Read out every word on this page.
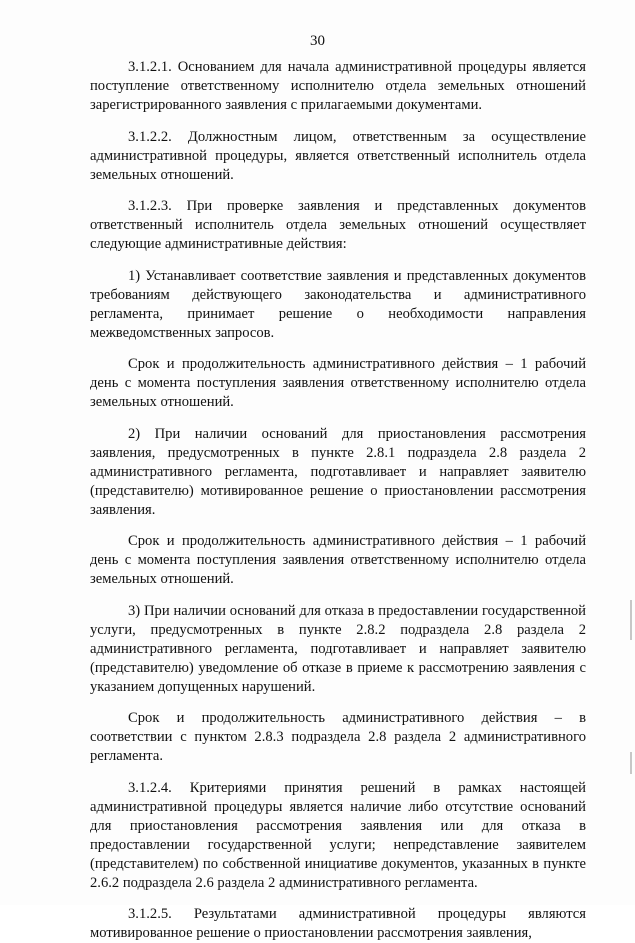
30

3.1.2.1. Основанием для начала административной процедуры является поступление ответственному исполнителю отдела земельных отношений зарегистрированного заявления с прилагаемыми документами.

3.1.2.2. Должностным лицом, ответственным за осуществление административной процедуры, является ответственный исполнитель отдела земельных отношений.

3.1.2.3. При проверке заявления и представленных документов ответственный исполнитель отдела земельных отношений осуществляет следующие административные действия:

1) Устанавливает соответствие заявления и представленных документов требованиям действующего законодательства и административного регламента, принимает решение о необходимости направления межведомственных запросов.

Срок и продолжительность административного действия – 1 рабочий день с момента поступления заявления ответственному исполнителю отдела земельных отношений.

2) При наличии оснований для приостановления рассмотрения заявления, предусмотренных в пункте 2.8.1 подраздела 2.8 раздела 2 административного регламента, подготавливает и направляет заявителю (представителю) мотивированное решение о приостановлении рассмотрения заявления.

Срок и продолжительность административного действия – 1 рабочий день с момента поступления заявления ответственному исполнителю отдела земельных отношений.

3) При наличии оснований для отказа в предоставлении государственной услуги, предусмотренных в пункте 2.8.2 подраздела 2.8 раздела 2 административного регламента, подготавливает и направляет заявителю (представителю) уведомление об отказе в приеме к рассмотрению заявления с указанием допущенных нарушений.

Срок и продолжительность административного действия – в соответствии с пунктом 2.8.3 подраздела 2.8 раздела 2 административного регламента.

3.1.2.4. Критериями принятия решений в рамках настоящей административной процедуры является наличие либо отсутствие оснований для приостановления рассмотрения заявления или для отказа в предоставлении государственной услуги; непредставление заявителем (представителем) по собственной инициативе документов, указанных в пункте 2.6.2 подраздела 2.6 раздела 2 административного регламента.

3.1.2.5. Результатами административной процедуры являются мотивированное решение о приостановлении рассмотрения заявления,
